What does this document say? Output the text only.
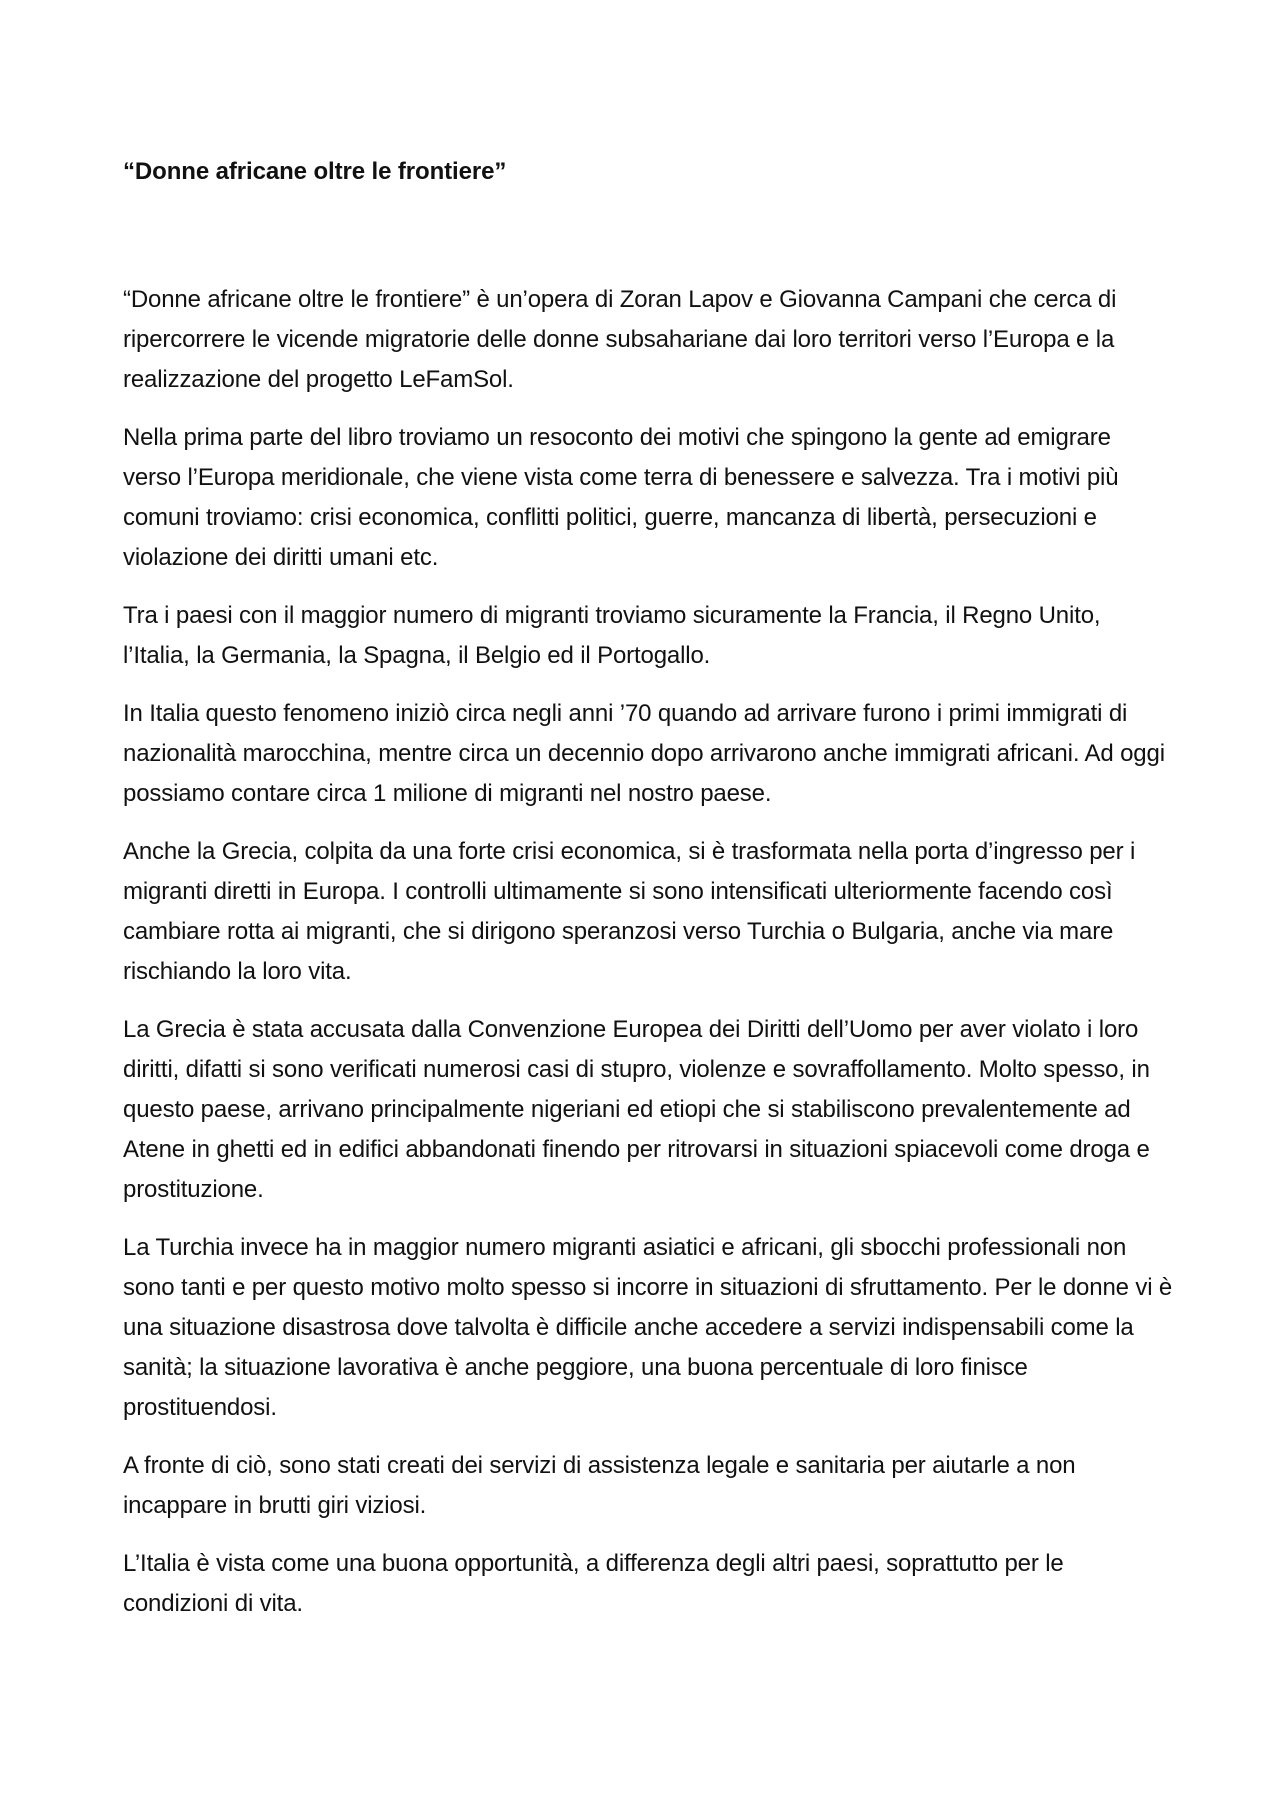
“Donne africane oltre le frontiere”

“Donne africane oltre le frontiere” è un’opera di Zoran Lapov e Giovanna Campani che cerca di ripercorrere le vicende migratorie delle donne subsahariane dai loro territori verso l’Europa e la realizzazione del progetto LeFamSol.

Nella prima parte del libro troviamo un resoconto dei motivi che spingono la gente ad emigrare verso l’Europa meridionale, che viene vista come terra di benessere e salvezza. Tra i motivi più comuni troviamo: crisi economica, conflitti politici, guerre, mancanza di libertà, persecuzioni e violazione dei diritti umani etc.

Tra i paesi con il maggior numero di migranti troviamo sicuramente la Francia, il Regno Unito, l’Italia, la Germania, la Spagna, il Belgio ed il Portogallo.

In Italia questo fenomeno iniziò circa negli anni ’70 quando ad arrivare furono i primi immigrati di nazionalità marocchina, mentre circa un decennio dopo arrivarono anche immigrati africani. Ad oggi possiamo contare circa 1 milione di migranti nel nostro paese.

Anche la Grecia, colpita da una forte crisi economica, si è trasformata nella porta d’ingresso per i migranti diretti in Europa. I controlli ultimamente si sono intensificati ulteriormente facendo così cambiare rotta ai migranti, che si dirigono speranzosi verso Turchia o Bulgaria, anche via mare rischiando la loro vita.

La Grecia è stata accusata dalla Convenzione Europea dei Diritti dell’Uomo per aver violato i loro diritti, difatti si sono verificati numerosi casi di stupro, violenze e sovraffollamento. Molto spesso, in questo paese, arrivano principalmente nigeriani ed etiopi che si stabiliscono prevalentemente ad Atene in ghetti ed in edifici abbandonati finendo per ritrovarsi in situazioni spiacevoli come droga e prostituzione.

La Turchia invece ha in maggior numero migranti asiatici e africani, gli sbocchi professionali non sono tanti e per questo motivo molto spesso si incorre in situazioni di sfruttamento. Per le donne vi è una situazione disastrosa dove talvolta è difficile anche accedere a servizi indispensabili come la sanità; la situazione lavorativa è anche peggiore, una buona percentuale di loro finisce prostituendosi.

A fronte di ciò, sono stati creati dei servizi di assistenza legale e sanitaria per aiutarle a non incappare in brutti giri viziosi.

L’Italia è vista come una buona opportunità, a differenza degli altri paesi, soprattutto per le condizioni di vita.
